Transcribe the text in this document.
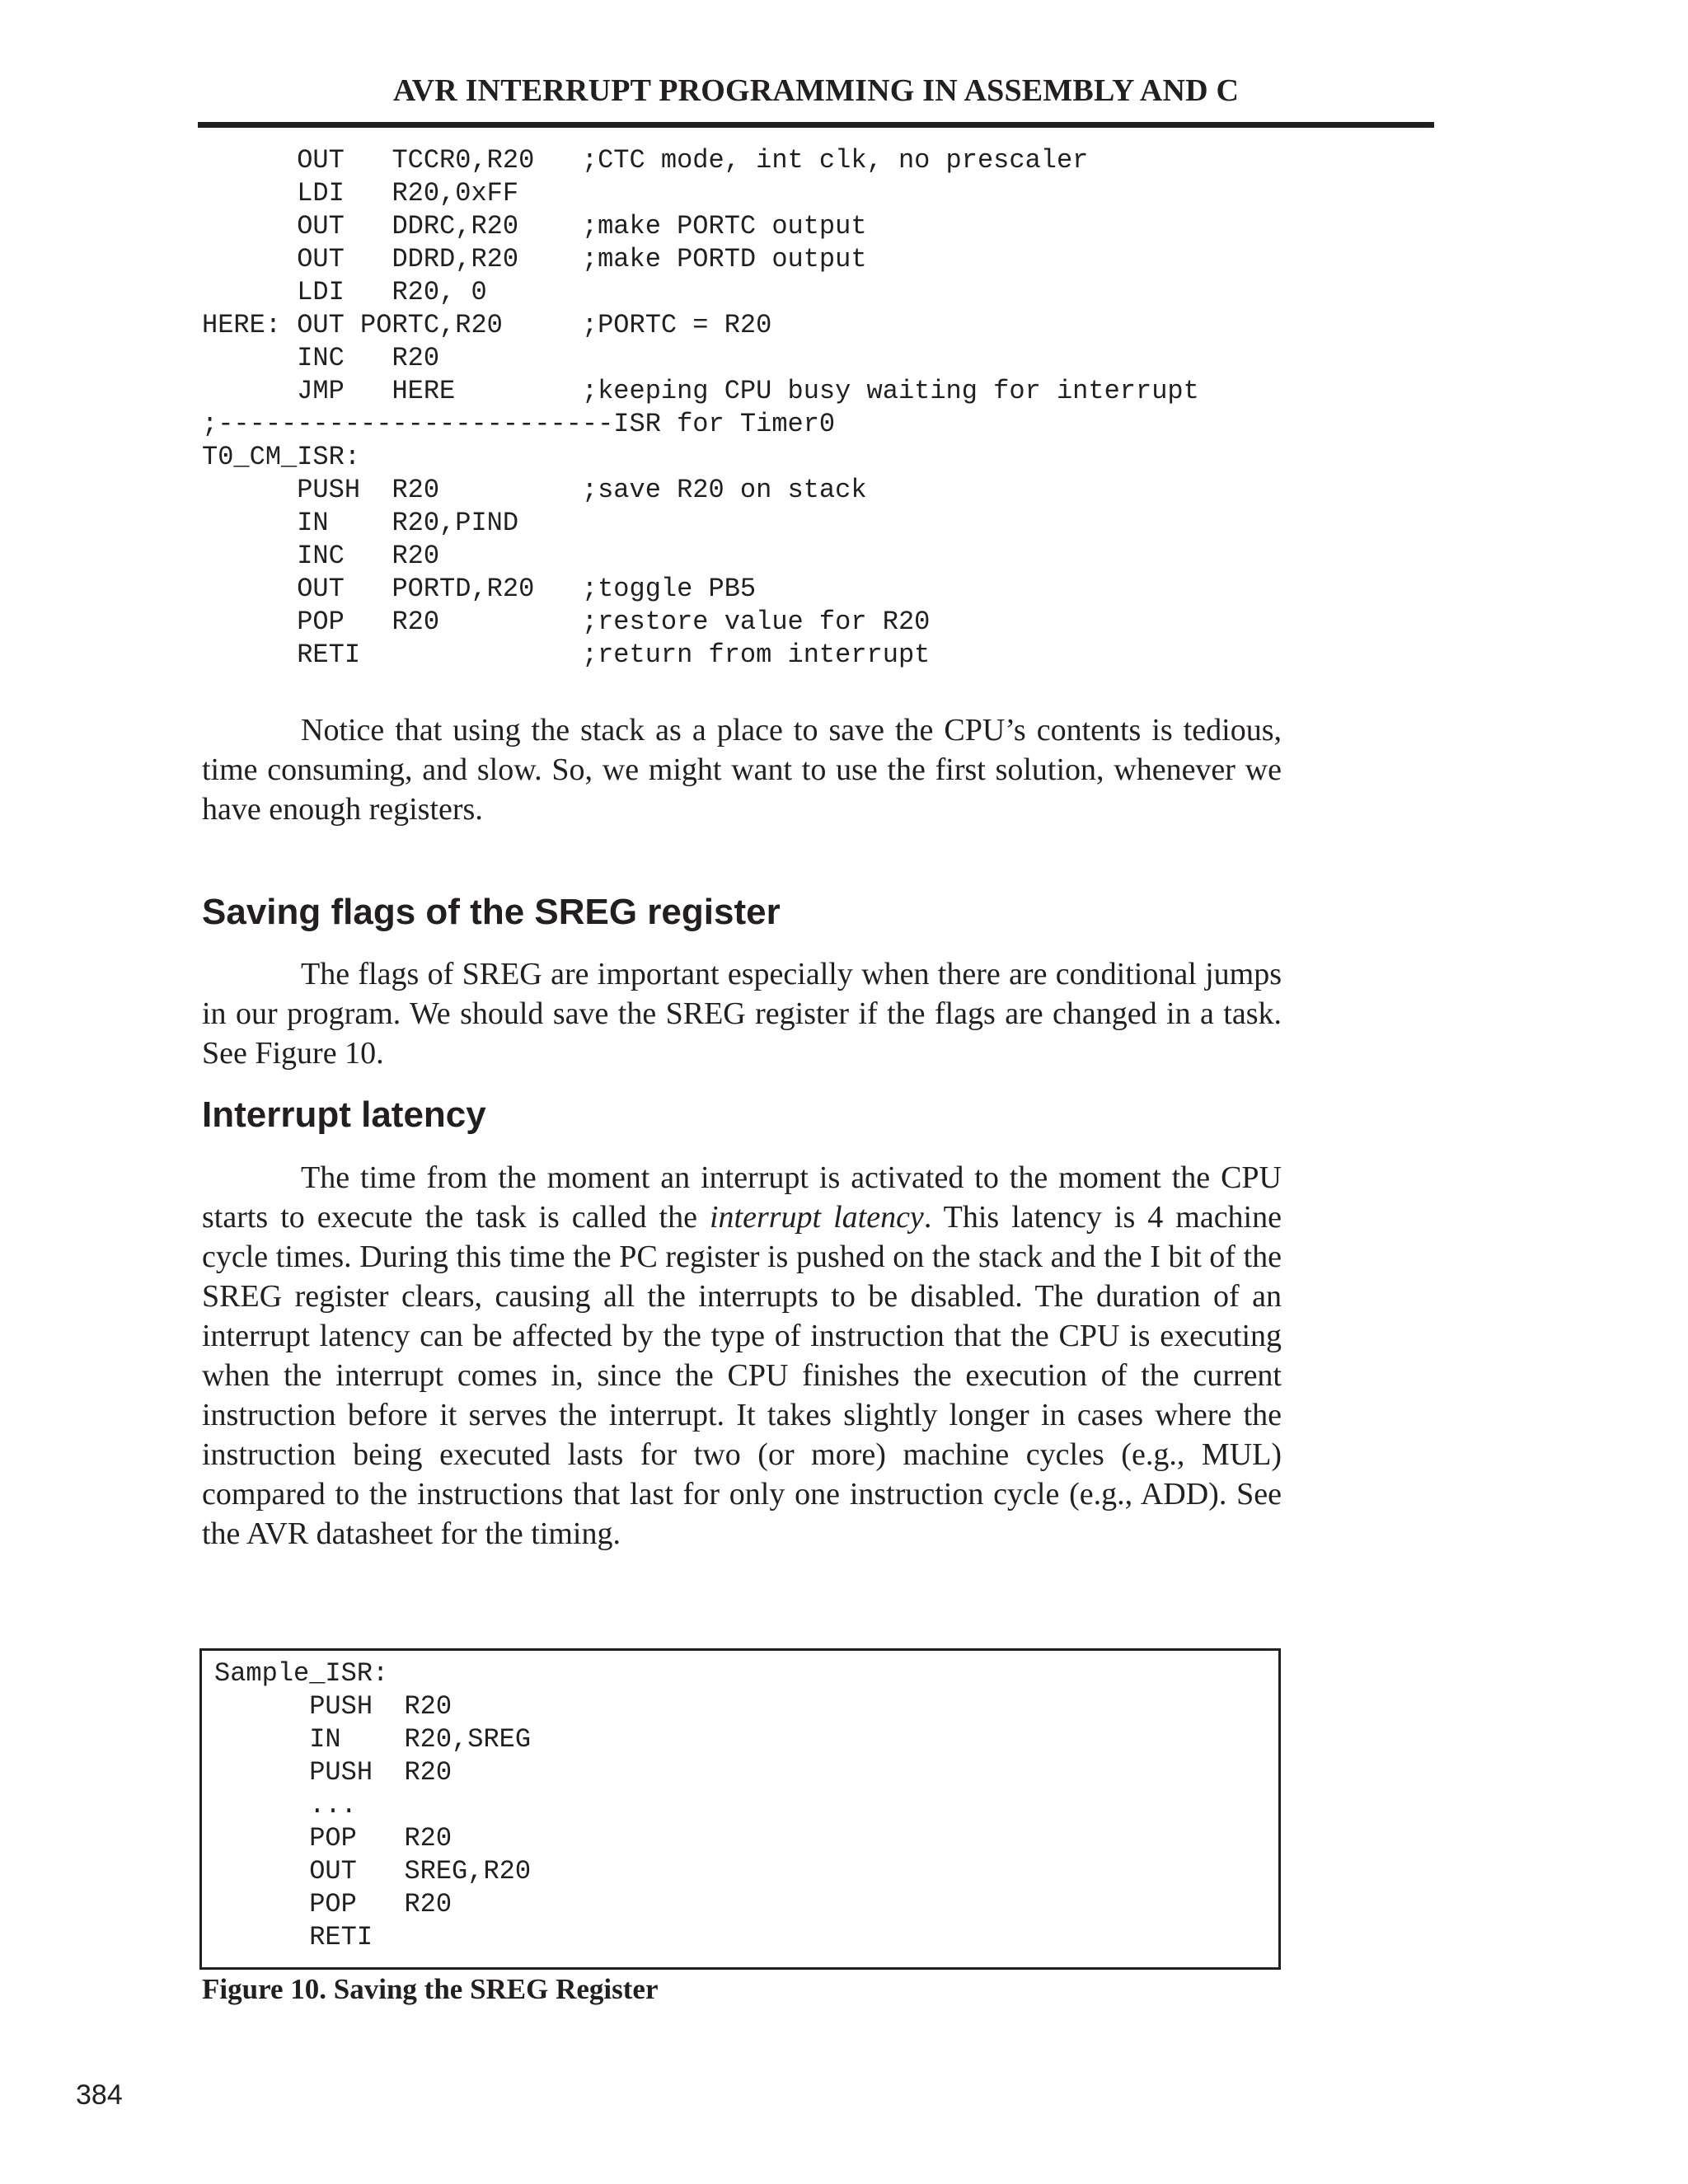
AVR INTERRUPT PROGRAMMING IN ASSEMBLY AND C
OUT   TCCR0,R20   ;CTC mode, int clk, no prescaler
LDI   R20,0xFF
OUT   DDRC,R20    ;make PORTC output
OUT   DDRD,R20    ;make PORTD output
LDI   R20, 0
HERE: OUT PORTC,R20     ;PORTC = R20
INC   R20
JMP   HERE        ;keeping CPU busy waiting for interrupt
;-------------------------ISR for Timer0
T0_CM_ISR:
PUSH  R20         ;save R20 on stack
IN    R20,PIND
INC   R20
OUT   PORTD,R20   ;toggle PB5
POP   R20         ;restore value for R20
RETI              ;return from interrupt

Notice that using the stack as a place to save the CPU’s contents is tedious, time consuming, and slow. So, we might want to use the first solution, whenever we have enough registers.

Saving flags of the SREG register

The flags of SREG are important especially when there are conditional jumps in our program. We should save the SREG register if the flags are changed in a task. See Figure 10.

Interrupt latency

The time from the moment an interrupt is activated to the moment the CPU starts to execute the task is called the interrupt latency. This latency is 4 machine cycle times. During this time the PC register is pushed on the stack and the I bit of the SREG register clears, causing all the interrupts to be disabled. The duration of an interrupt latency can be affected by the type of instruction that the CPU is executing when the interrupt comes in, since the CPU finishes the execution of the current instruction before it serves the interrupt. It takes slightly longer in cases where the instruction being executed lasts for two (or more) machine cycles (e.g., MUL) compared to the instructions that last for only one instruction cycle (e.g., ADD). See the AVR datasheet for the timing.

Sample_ISR:
PUSH  R20
IN    R20,SREG
PUSH  R20
...
POP   R20
OUT   SREG,R20
POP   R20
RETI
Figure 10. Saving the SREG Register
384
